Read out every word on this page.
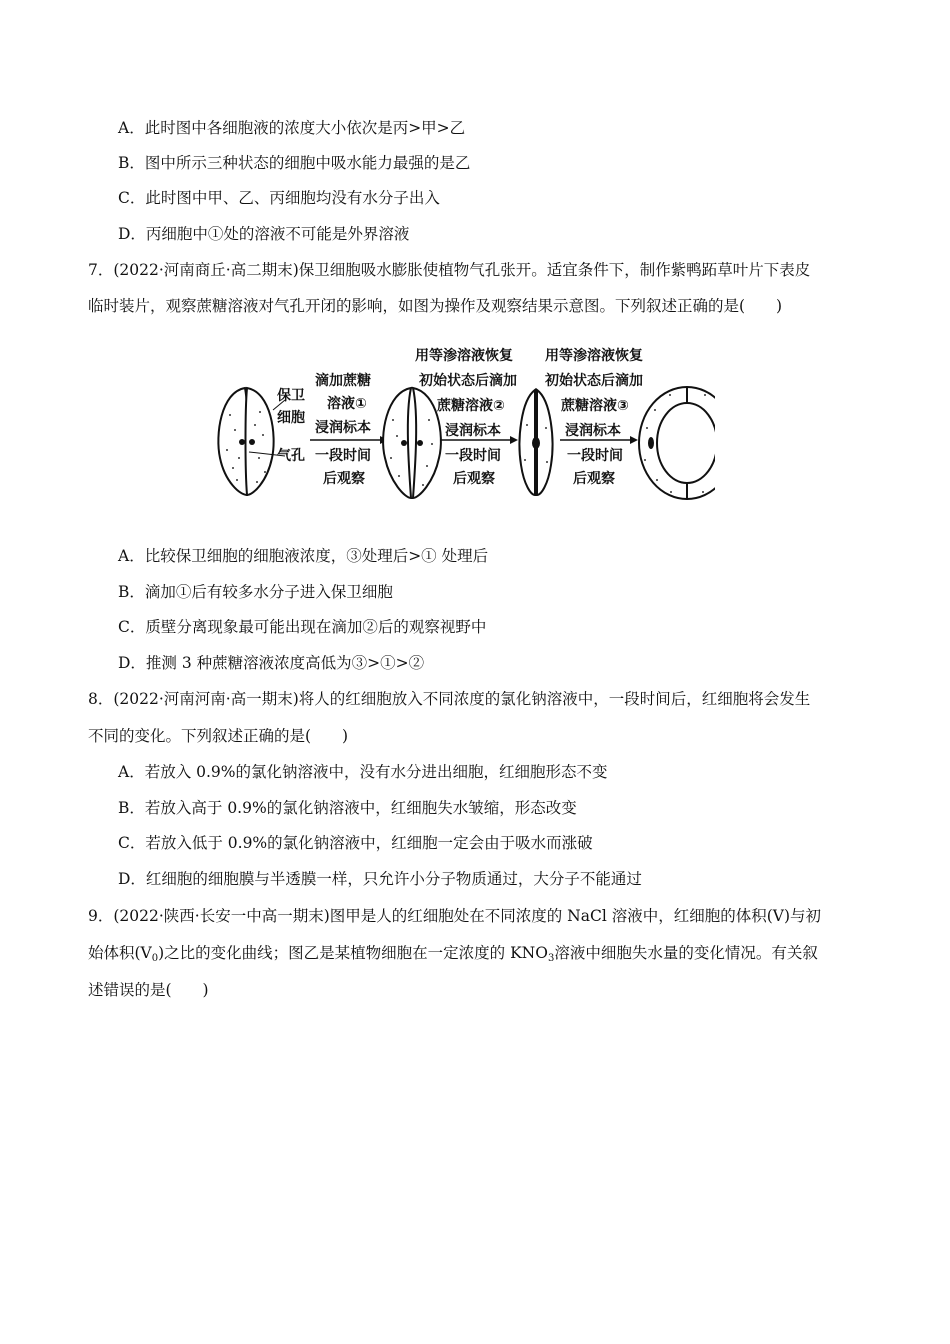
A．此时图中各细胞液的浓度大小依次是丙>甲>乙
B．图中所示三种状态的细胞中吸水能力最强的是乙
C．此时图中甲、乙、丙细胞均没有水分子出入
D．丙细胞中①处的溶液不可能是外界溶液
7．(2022·河南商丘·高二期末)保卫细胞吸水膨胀使植物气孔张开。适宜条件下，制作紫鸭跖草叶片下表皮
临时装片，观察蔗糖溶液对气孔开闭的影响，如图为操作及观察结果示意图。下列叙述正确的是(　　)
保卫
细胞
气孔
滴加蔗糖
溶液①
浸润标本
一段时间
后观察
用等渗溶液恢复
初始状态后滴加
蔗糖溶液②
浸润标本
一段时间
后观察
用等渗溶液恢复
初始状态后滴加
蔗糖溶液③
浸润标本
一段时间
后观察
A．比较保卫细胞的细胞液浓度，③处理后>① 处理后
B．滴加①后有较多水分子进入保卫细胞
C．质壁分离现象最可能出现在滴加②后的观察视野中
D．推测 3 种蔗糖溶液浓度高低为③>①>②
8．(2022·河南河南·高一期末)将人的红细胞放入不同浓度的氯化钠溶液中，一段时间后，红细胞将会发生
不同的变化。下列叙述正确的是(　　)
A．若放入 0.9%的氯化钠溶液中，没有水分进出细胞，红细胞形态不变
B．若放入高于 0.9%的氯化钠溶液中，红细胞失水皱缩，形态改变
C．若放入低于 0.9%的氯化钠溶液中，红细胞一定会由于吸水而涨破
D．红细胞的细胞膜与半透膜一样，只允许小分子物质通过，大分子不能通过
9．(2022·陕西·长安一中高一期末)图甲是人的红细胞处在不同浓度的 NaCl 溶液中，红细胞的体积(V)与初
始体积$(V_0)$之比的变化曲线；图乙是某植物细胞在一定浓度的 $KNO_3$溶液中细胞失水量的变化情况。有关叙
述错误的是(　　)
